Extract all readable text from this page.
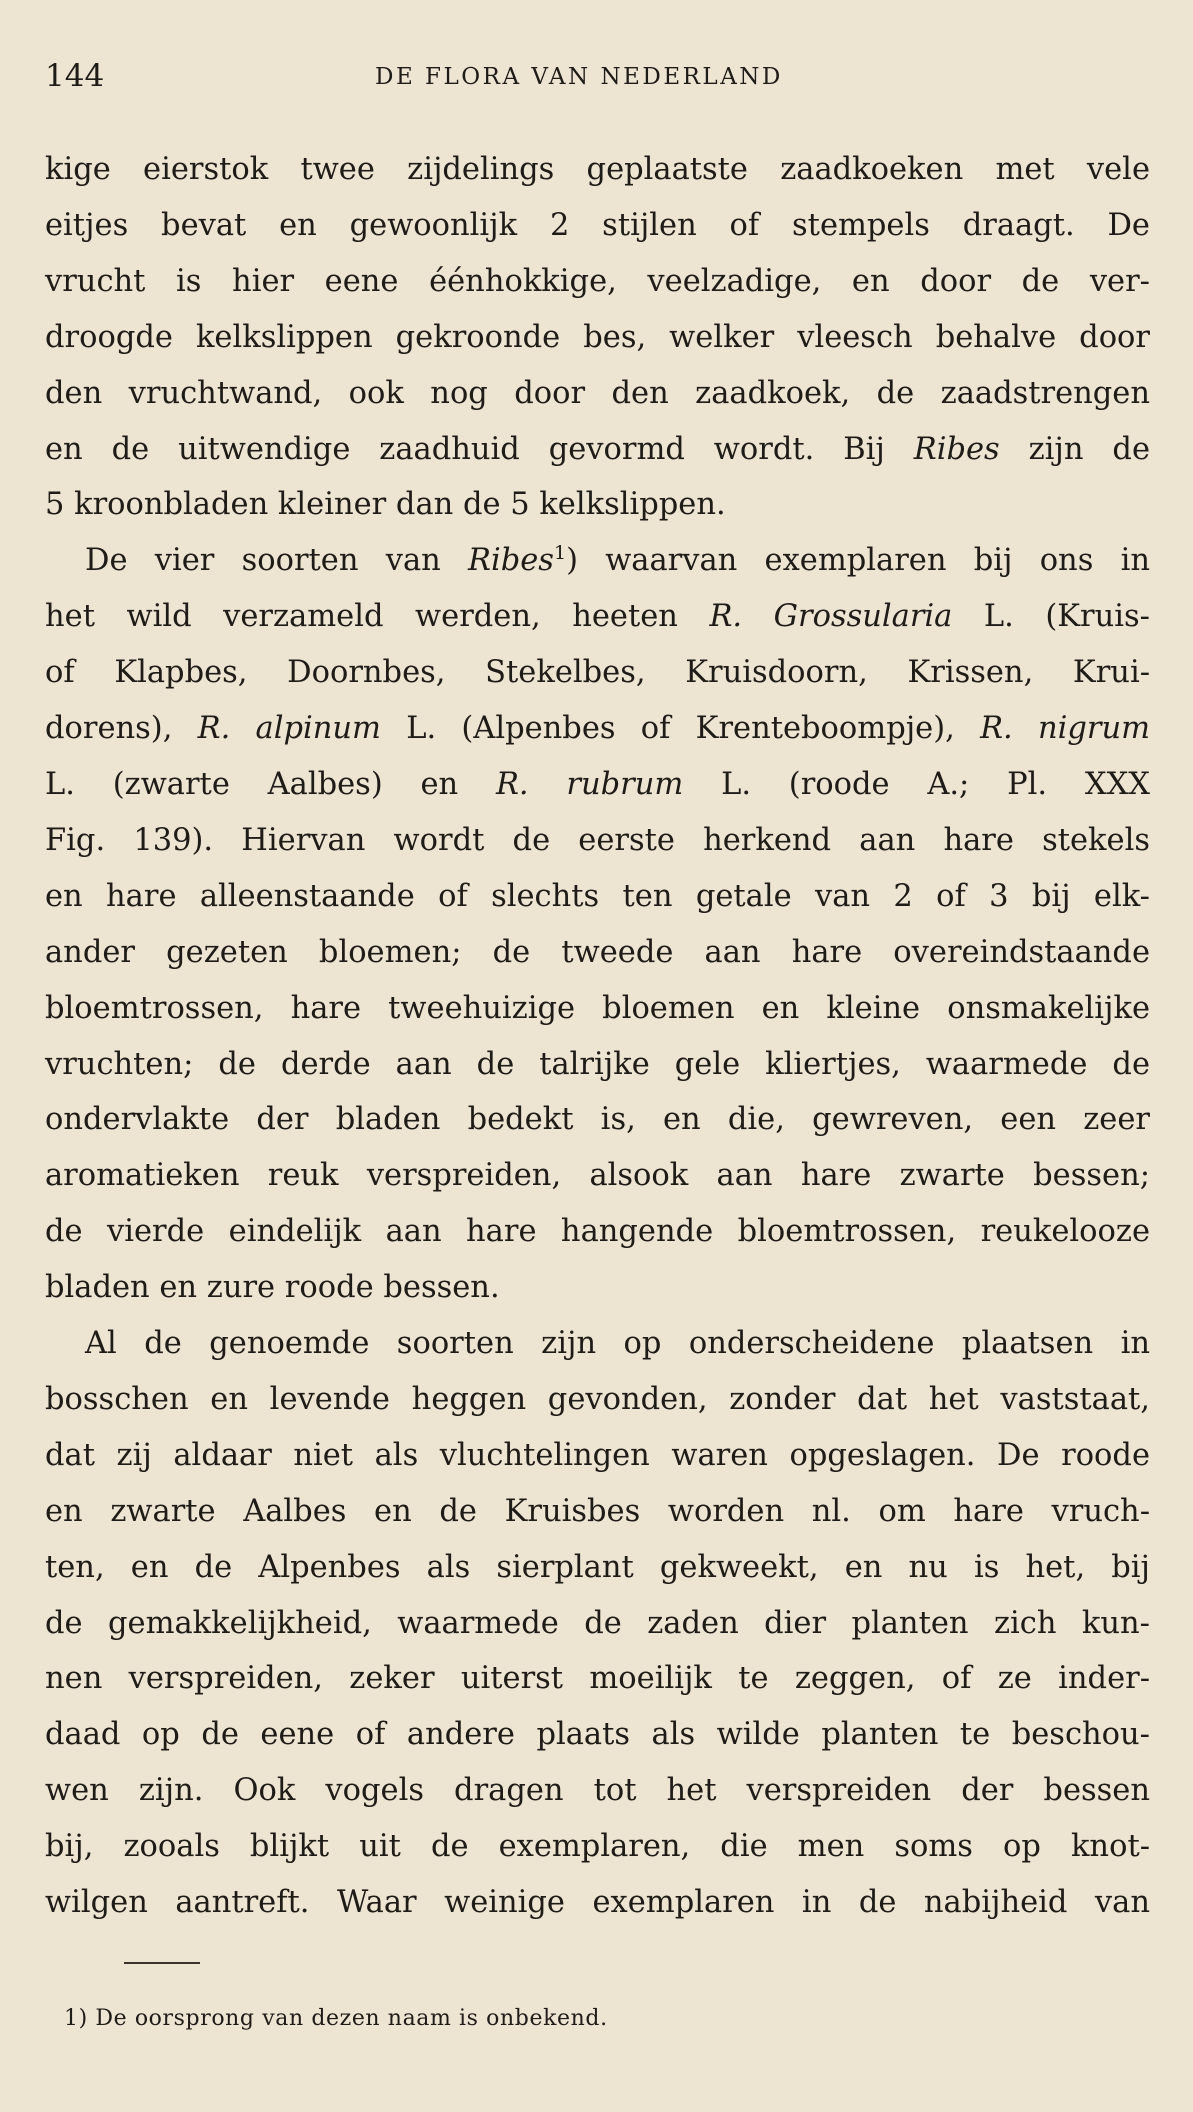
144	DE FLORA VAN NEDERLAND
kige eierstok twee zijdelings geplaatste zaadkoeken met vele
eitjes bevat en gewoonlijk 2 stijlen of stempels draagt. De
vrucht is hier eene éénhokkige, veelzadige, en door de ver-
droogde kelkslippen gekroonde bes, welker vleesch behalve door
den vruchtwand, ook nog door den zaadkoek, de zaadstrengen
en de uitwendige zaadhuid gevormd wordt. Bij Ribes zijn de
5 kroonbladen kleiner dan de 5 kelkslippen.
De vier soorten van Ribes$^1$) waarvan exemplaren bij ons in
het wild verzameld werden, heeten R. Grossularia L. (Kruis-
of Klapbes, Doornbes, Stekelbes, Kruisdoorn, Krissen, Krui-
dorens), R. alpinum L. (Alpenbes of Krenteboompje), R. nigrum
L. (zwarte Aalbes) en R. rubrum L. (roode A.; Pl. XXX
Fig. 139). Hiervan wordt de eerste herkend aan hare stekels
en hare alleenstaande of slechts ten getale van 2 of 3 bij elk-
ander gezeten bloemen; de tweede aan hare overeindstaande
bloemtrossen, hare tweehuizige bloemen en kleine onsmakelijke
vruchten; de derde aan de talrijke gele kliertjes, waarmede de
ondervlakte der bladen bedekt is, en die, gewreven, een zeer
aromatieken reuk verspreiden, alsook aan hare zwarte bessen;
de vierde eindelijk aan hare hangende bloemtrossen, reukelooze
bladen en zure roode bessen.
Al de genoemde soorten zijn op onderscheidene plaatsen in
bosschen en levende heggen gevonden, zonder dat het vaststaat,
dat zij aldaar niet als vluchtelingen waren opgeslagen. De roode
en zwarte Aalbes en de Kruisbes worden nl. om hare vruch-
ten, en de Alpenbes als sierplant gekweekt, en nu is het, bij
de gemakkelijkheid, waarmede de zaden dier planten zich kun-
nen verspreiden, zeker uiterst moeilijk te zeggen, of ze inder-
daad op de eene of andere plaats als wilde planten te beschou-
wen zijn. Ook vogels dragen tot het verspreiden der bessen
bij, zooals blijkt uit de exemplaren, die men soms op knot-
wilgen aantreft. Waar weinige exemplaren in de nabijheid van
1) De oorsprong van dezen naam is onbekend.
